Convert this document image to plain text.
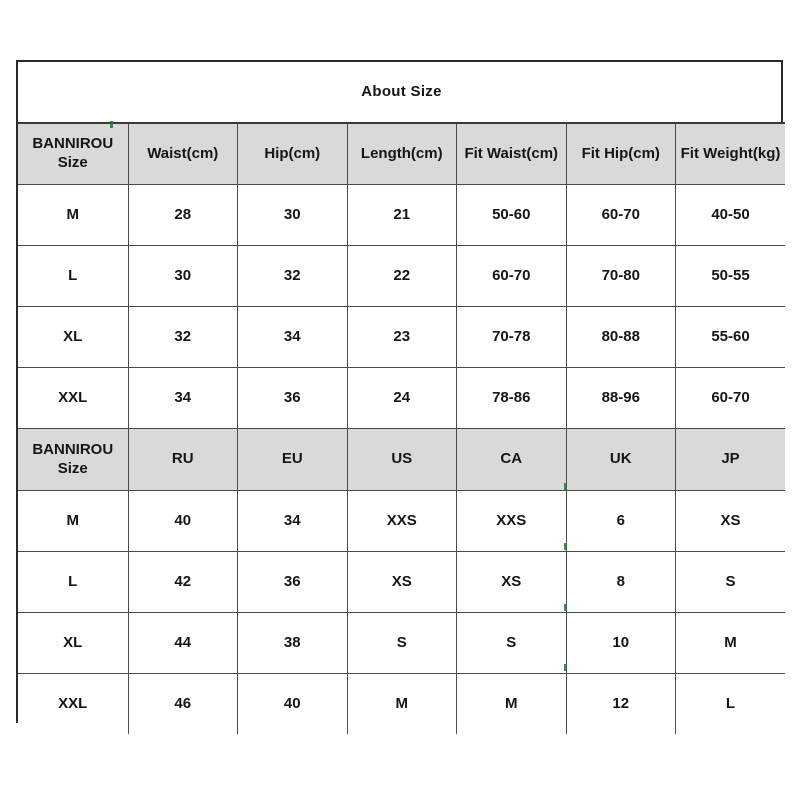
About Size						

BANNIROU
Size	Waist(cm)	Hip(cm)	Length(cm)	Fit Waist(cm)	Fit Hip(cm)	Fit Weight(kg)
M	28	30	21	50-60	60-70	40-50
L	30	32	22	60-70	70-80	50-55
XL	32	34	23	70-78	80-88	55-60
XXL	34	36	24	78-86	88-96	60-70

BANNIROU
Size	RU	EU	US	CA	UK	JP
M	40	34	XXS	XXS	6	XS
L	42	36	XS	XS	8	S
XL	44	38	S	S	10	M
XXL	46	40	M	M	12	L
